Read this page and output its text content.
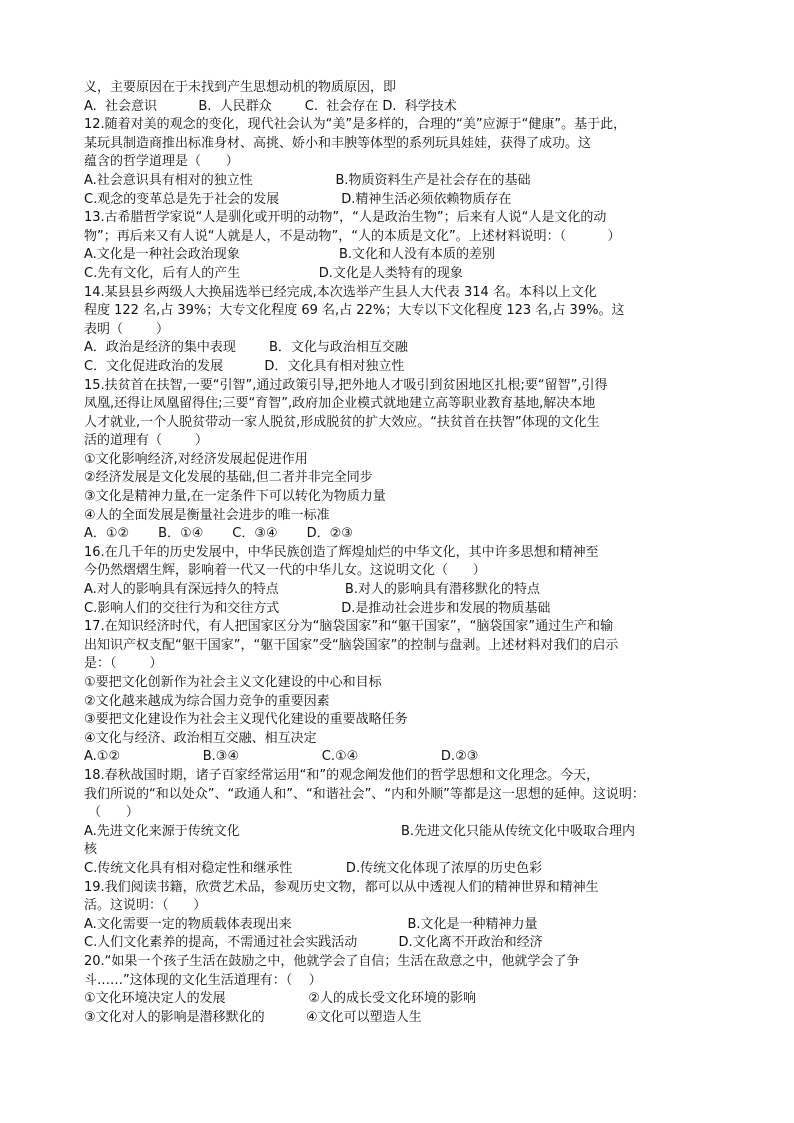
义，主要原因在于未找到产生思想动机的物质原因，即
A.  社会意识          B.  人民群众        C.  社会存在 D.  科学技术
12.随着对美的观念的变化，现代社会认为“美”是多样的，合理的“美”应源于“健康”。基于此，
某玩具制造商推出标准身材、高挑、娇小和丰腴等体型的系列玩具娃娃，获得了成功。这
蕴含的哲学道理是（      ）
A.社会意识具有相对的独立性                    B.物质资料生产是社会存在的基础
C.观念的变革总是先于社会的发展               D.精神生活必须依赖物质存在
13.古希腊哲学家说“人是驯化或开明的动物”，“人是政治生物”；后来有人说“人是文化的动
物”；再后来又有人说“人就是人，不是动物”，“人的本质是文化”。上述材料说明：（          ）
A.文化是一种社会政治现象                        B.文化和人没有本质的差别
C.先有文化，后有人的产生                   D.文化是人类特有的现象
14.某县县乡两级人大换届选举已经完成,本次选举产生县人大代表 314 名。本科以上文化
程度 122 名,占 39%；大专文化程度 69 名,占 22%；大专以下文化程度 123 名,占 39%。这
表明（        ）
A．政治是经济的集中表现        B．文化与政治相互交融
C．文化促进政治的发展          D．文化具有相对独立性
15.扶贫首在扶智,一要“引智”,通过政策引导,把外地人才吸引到贫困地区扎根;要“留智”,引得
凤凰,还得让凤凰留得住;三要“育智”,政府加企业模式就地建立高等职业教育基地,解决本地
人才就业,一个人脱贫带动一家人脱贫,形成脱贫的扩大效应。“扶贫首在扶智”体现的文化生
活的道理有（        ）
①文化影响经济,对经济发展起促进作用
②经济发展是文化发展的基础,但二者并非完全同步
③文化是精神力量,在一定条件下可以转化为物质力量
④人的全面发展是衡量社会进步的唯一标准
A．①②       B．①④       C．③④       D．②③
16.在几千年的历史发展中，中华民族创造了辉煌灿烂的中华文化，其中许多思想和精神至
今仍然熠熠生辉，影响着一代又一代的中华儿女。这说明文化（      ）
A.对人的影响具有深远持久的特点                B.对人的影响具有潜移默化的特点
C.影响人们的交往行为和交往方式               D.是推动社会进步和发展的物质基础
17.在知识经济时代，有人把国家区分为“脑袋国家”和“躯干国家”，“脑袋国家”通过生产和输
出知识产权支配“躯干国家”，“躯干国家”受“脑袋国家”的控制与盘剥。上述材料对我们的启示
是：（        ）
①要把文化创新作为社会主义文化建设的中心和目标
②文化越来越成为综合国力竞争的重要因素
③要把文化建设作为社会主义现代化建设的重要战略任务
④文化与经济、政治相互交融、相互决定
A.①②                    B.③④                    C.①④                    D.②③
18.春秋战国时期，诸子百家经常运用“和”的观念阐发他们的哲学思想和文化理念。今天，
我们所说的“和以处众”、“政通人和”、“和谐社会”、“内和外顺”等都是这一思想的延伸。这说明：
（      ）
A.先进文化来源于传统文化                                       B.先进文化只能从传统文化中吸取合理内
核
C.传统文化具有相对稳定性和继承性             D.传统文化体现了浓厚的历史色彩
19.我们阅读书籍，欣赏艺术品，参观历史文物，都可以从中透视人们的精神世界和精神生
活。这说明：（      ）
A.文化需要一定的物质载体表现出来                            B.文化是一种精神力量
C.人们文化素养的提高，不需通过社会实践活动          D.文化离不开政治和经济
20.“如果一个孩子生活在鼓励之中，他就学会了自信；生活在敌意之中，他就学会了争
斗……”这体现的文化生活道理有：（    ）
①文化环境决定人的发展                    ②人的成长受文化环境的影响
③文化对人的影响是潜移默化的          ④文化可以塑造人生
